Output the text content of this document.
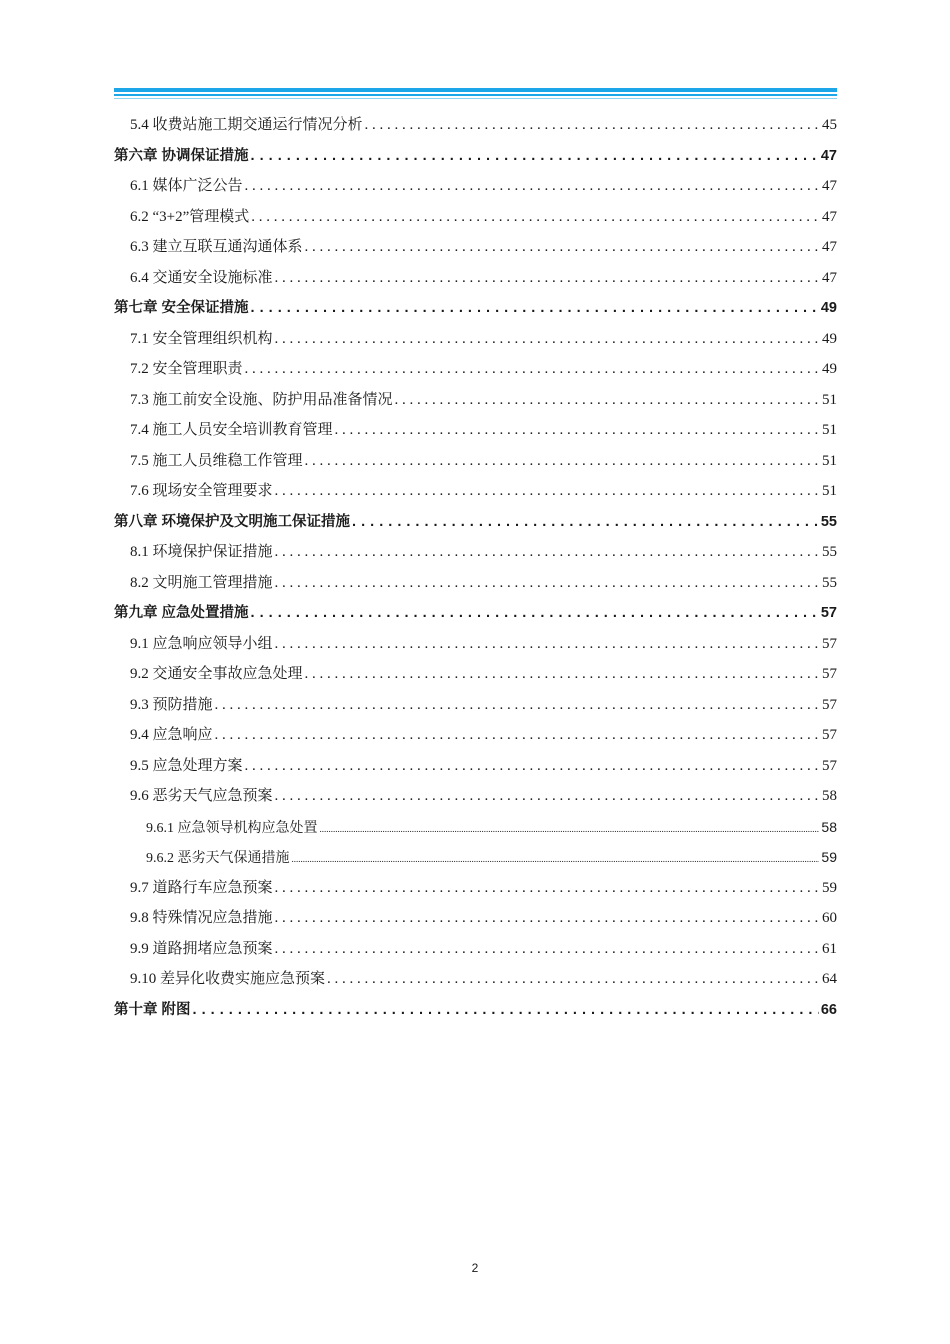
5.4 收费站施工期交通运行情况分析 . . .	45
第六章 协调保证措施 . . .	47
6.1 媒体广泛公告 . . .	47
6.2 “3+2”管理模式 . . .	47
6.3 建立互联互通沟通体系 . . .	47
6.4 交通安全设施标准 . . .	47
第七章 安全保证措施 . . .	49
7.1 安全管理组织机构 . . .	49
7.2 安全管理职责 . . .	49
7.3 施工前安全设施、防护用品准备情况 . . .	51
7.4 施工人员安全培训教育管理 . . .	51
7.5 施工人员维稳工作管理 . . .	51
7.6 现场安全管理要求 . . .	51
第八章 环境保护及文明施工保证措施 . . .	55
8.1 环境保护保证措施 . . .	55
8.2 文明施工管理措施 . . .	55
第九章 应急处置措施 . . .	57
9.1 应急响应领导小组 . . .	57
9.2 交通安全事故应急处理 . . .	57
9.3 预防措施 . . .	57
9.4 应急响应 . . .	57
9.5 应急处理方案 . . .	57
9.6 恶劣天气应急预案 . . .	58
9.6.1 应急领导机构应急处置 .....	58
9.6.2 恶劣天气保通措施 .....	59
9.7 道路行车应急预案 . . .	59
9.8 特殊情况应急措施 . . .	60
9.9 道路拥堵应急预案 . . .	61
9.10 差异化收费实施应急预案 . . .	64
第十章 附图 . . .	66
2
